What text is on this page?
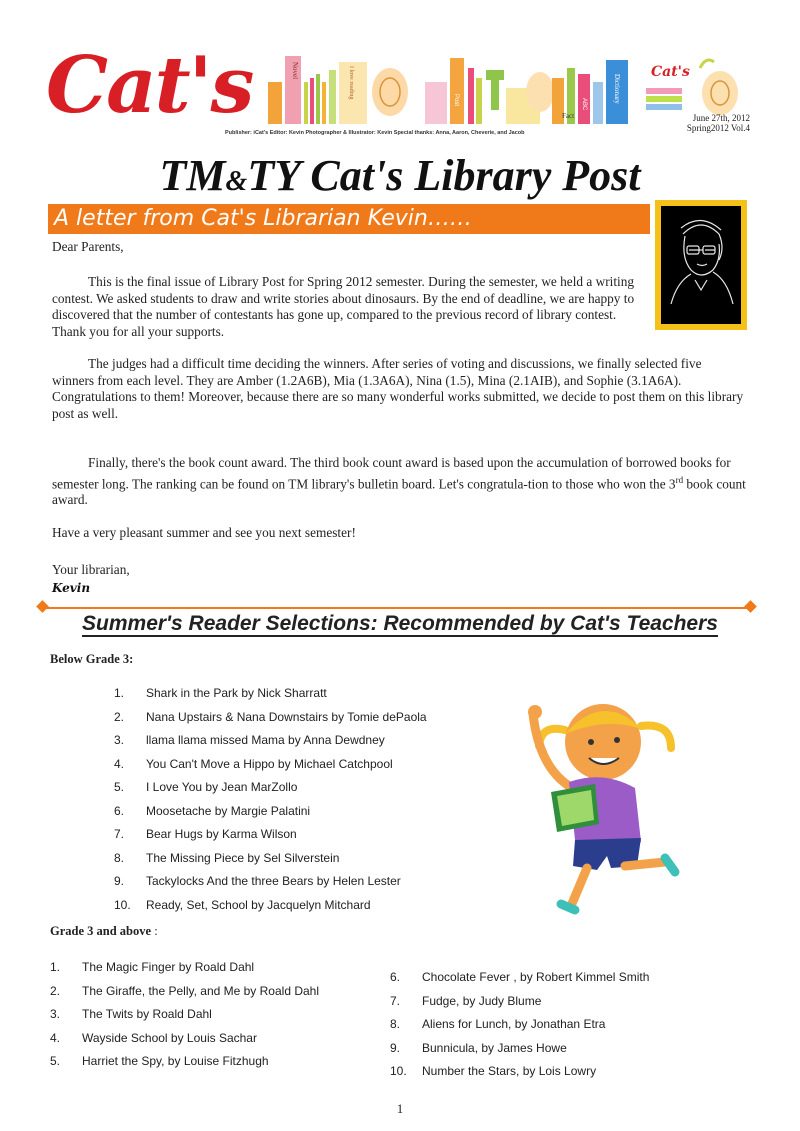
Cat's	Novel	I love reading
Post	ABC
Dictionary
Fact
Cat's
June 27th, 2012
Spring2012 Vol.4
Publisher: iCat's Editor: Kevin Photographer & Illustrator: Kevin Special thanks: Anna, Aaron, Cheverie, and Jacob
TM&TY Cat's Library Post
A letter from Cat's Librarian Kevin……
Dear Parents,
This is the final issue of Library Post for Spring 2012 semester. During the semester, we held a writing contest. We asked students to draw and write stories about dinosaurs. By the end of deadline, we are happy to discovered that the number of contestants has gone up, compared to the previous record of library contest. Thank you for all your supports.
The judges had a difficult time deciding the winners. After series of voting and discussions, we finally selected five winners from each level. They are Amber (1.2A6B), Mia (1.3A6A), Nina (1.5), Mina (2.1AIB), and Sophie (3.1A6A). Congratulations to them! Moreover, because there are so many wonderful works submitted, we decide to post them on this library post as well.
Finally, there's the book count award. The third book count award is based upon the accumulation of borrowed books for semester long. The ranking can be found on TM library's bulletin board. Let's congratula-tion to those who won the 3rd book count award.
Have a very pleasant summer and see you next semester!
Your librarian,
Kevin
Summer's Reader Selections: Recommended by Cat's Teachers
Below Grade 3:
1. Shark in the Park by Nick Sharratt
2. Nana Upstairs & Nana Downstairs by Tomie dePaola
3. llama llama missed Mama by Anna Dewdney
4. You Can't Move a Hippo by Michael Catchpool
5. I Love You by Jean MarZollo
6. Moosetache by Margie Palatini
7. Bear Hugs by Karma Wilson
8. The Missing Piece by Sel Silverstein
9. Tackylocks And the three Bears by Helen Lester
10. Ready, Set, School by Jacquelyn Mitchard
Grade 3 and above :
1. The Magic Finger by Roald Dahl
2. The Giraffe, the Pelly, and Me by Roald Dahl
3. The Twits by Roald Dahl
4. Wayside School by Louis Sachar
5. Harriet the Spy, by Louise Fitzhugh
6. Chocolate Fever , by Robert Kimmel Smith
7. Fudge, by Judy Blume
8. Aliens for Lunch, by Jonathan Etra
9. Bunnicula, by James Howe
10. Number the Stars, by Lois Lowry
1
